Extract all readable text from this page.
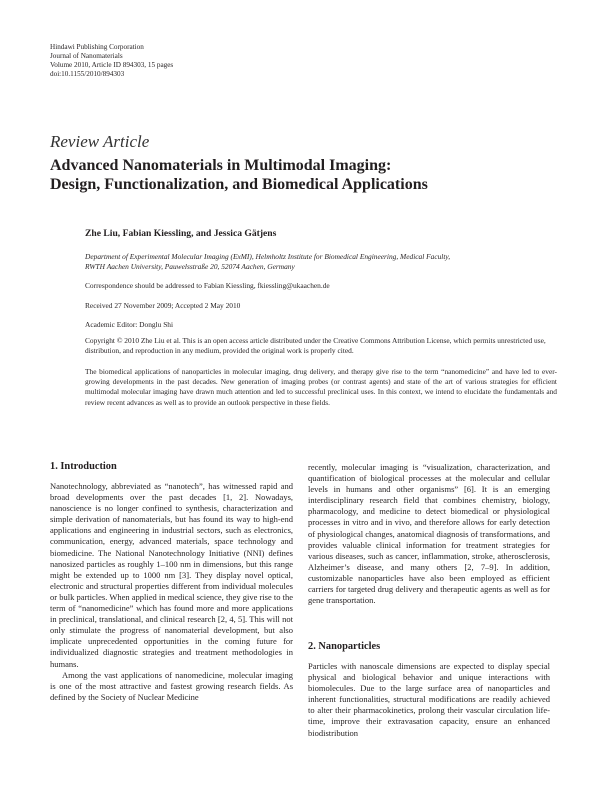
Hindawi Publishing Corporation
Journal of Nanomaterials
Volume 2010, Article ID 894303, 15 pages
doi:10.1155/2010/894303
Review Article
Advanced Nanomaterials in Multimodal Imaging:
Design, Functionalization, and Biomedical Applications
Zhe Liu, Fabian Kiessling, and Jessica Gätjens
Department of Experimental Molecular Imaging (ExMI), Helmholtz Institute for Biomedical Engineering, Medical Faculty,
RWTH Aachen University, Pauwelsstraße 20, 52074 Aachen, Germany
Correspondence should be addressed to Fabian Kiessling, fkiessling@ukaachen.de
Received 27 November 2009; Accepted 2 May 2010
Academic Editor: Donglu Shi
Copyright © 2010 Zhe Liu et al. This is an open access article distributed under the Creative Commons Attribution License, which permits unrestricted use, distribution, and reproduction in any medium, provided the original work is properly cited.
The biomedical applications of nanoparticles in molecular imaging, drug delivery, and therapy give rise to the term “nanomedicine” and have led to ever-growing developments in the past decades. New generation of imaging probes (or contrast agents) and state of the art of various strategies for efficient multimodal molecular imaging have drawn much attention and led to successful preclinical uses. In this context, we intend to elucidate the fundamentals and review recent advances as well as to provide an outlook perspective in these fields.
1. Introduction

Nanotechnology, abbreviated as “nanotech”, has witnessed rapid and broad developments over the past decades [1, 2]. Nowadays, nanoscience is no longer confined to synthesis, characterization and simple derivation of nanomaterials, but has found its way to high-end applications and engineering in industrial sectors, such as electronics, communication, energy, advanced materials, space technology and biomedicine. The National Nanotechnology Initiative (NNI) defines nanosized particles as roughly 1–100 nm in dimensions, but this range might be extended up to 1000 nm [3]. They display novel optical, electronic and structural properties different from individual molecules or bulk particles. When applied in medical science, they give rise to the term of “nanomedicine” which has found more and more applications in preclinical, translational, and clinical research [2, 4, 5]. This will not only stimulate the progress of nanomaterial development, but also implicate unprecedented opportunities in the coming future for individualized diagnostic strategies and treatment methodologies in humans.

Among the vast applications of nanomedicine, molecular imaging is one of the most attractive and fastest growing research fields. As defined by the Society of Nuclear Medicine

recently, molecular imaging is “visualization, characterization, and quantification of biological processes at the molecular and cellular levels in humans and other organisms” [6]. It is an emerging interdisciplinary research field that combines chemistry, biology, pharmacology, and medicine to detect biomedical or physiological processes in vitro and in vivo, and therefore allows for early detection of physiological changes, anatomical diagnosis of transformations, and provides valuable clinical information for treatment strategies for various diseases, such as cancer, inflammation, stroke, atherosclerosis, Alzheimer’s disease, and many others [2, 7–9]. In addition, customizable nanoparticles have also been employed as efficient carriers for targeted drug delivery and therapeutic agents as well as for gene transportation.

2. Nanoparticles

Particles with nanoscale dimensions are expected to display special physical and biological behavior and unique interactions with biomolecules. Due to the large surface area of nanoparticles and inherent functionalities, structural modifications are readily achieved to alter their pharmacokinetics, prolong their vascular circulation life-time, improve their extravasation capacity, ensure an enhanced biodistribution
